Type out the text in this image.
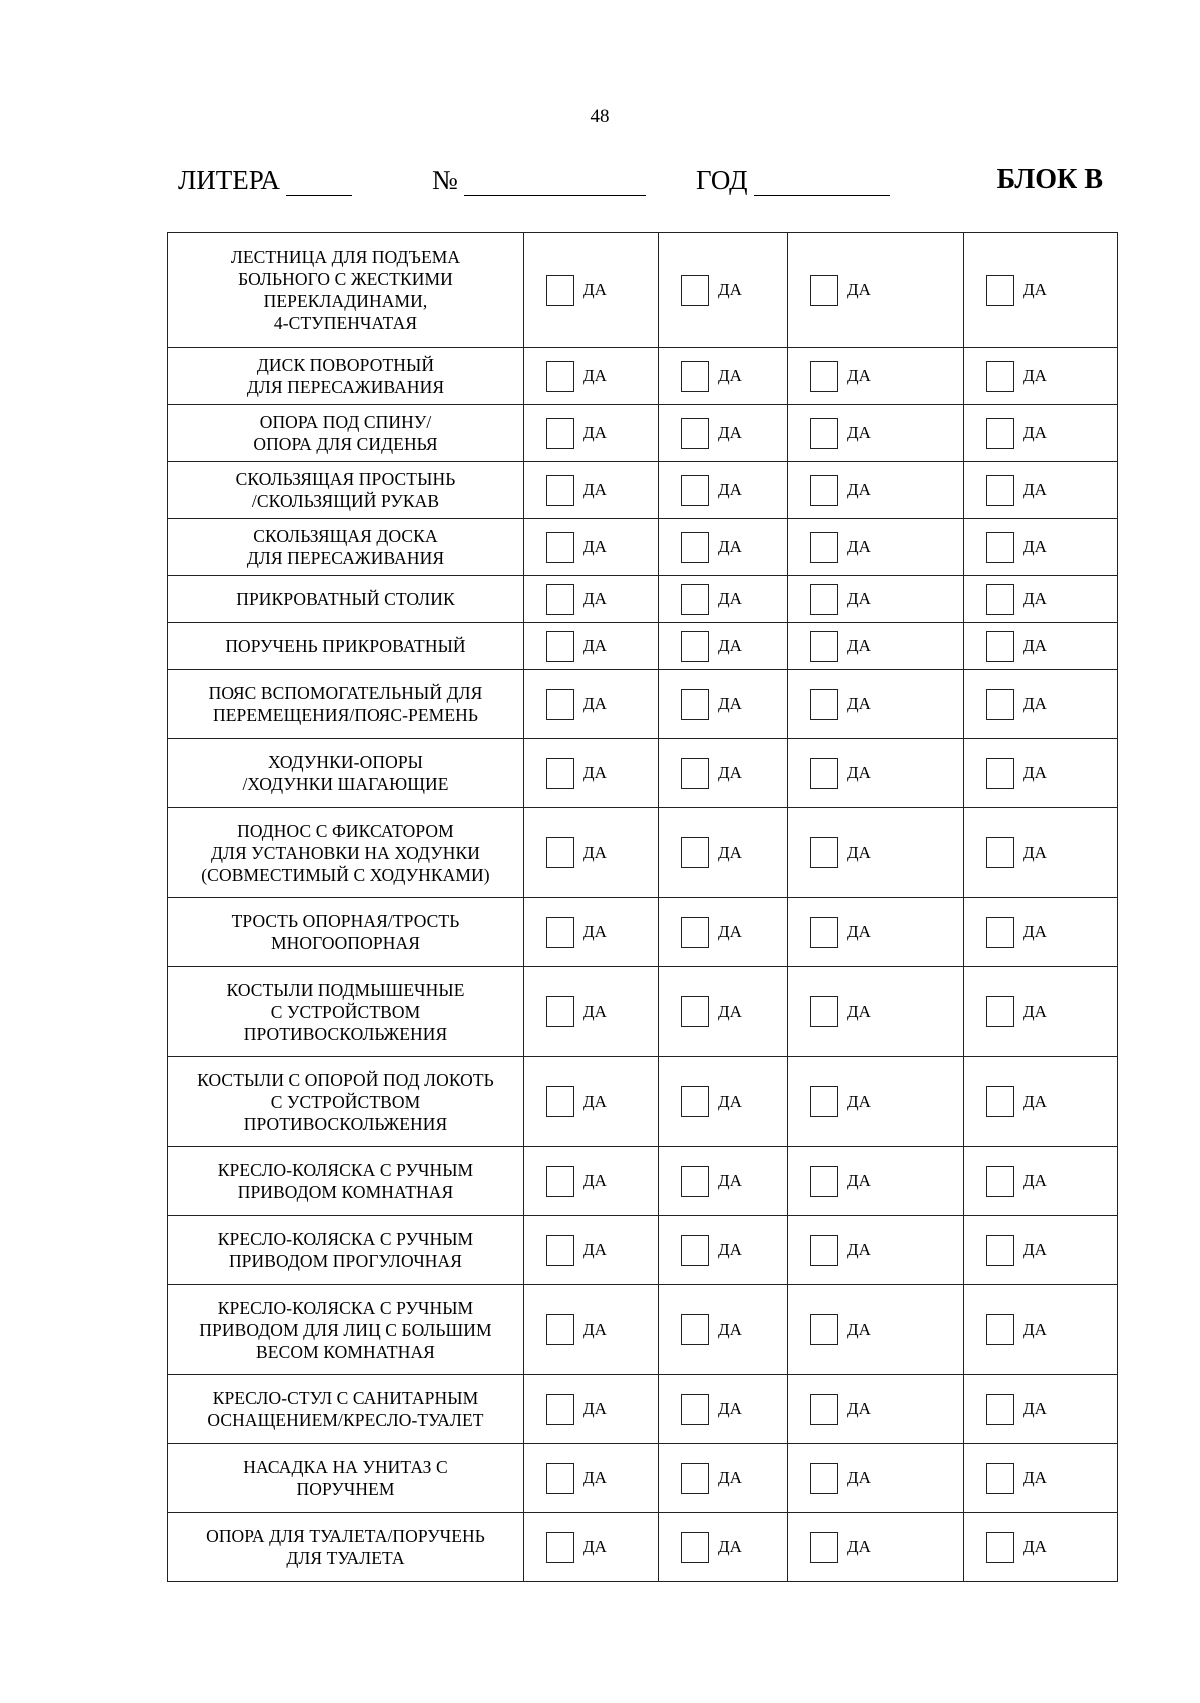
48
ЛИТЕРА	№	ГОД	БЛОК В
ЛЕСТНИЦА ДЛЯ ПОДЪЕМА
БОЛЬНОГО С ЖЕСТКИМИ
ПЕРЕКЛАДИНАМИ,
4-СТУПЕНЧАТАЯ	ДА	ДА	ДА	ДА

ДИСК ПОВОРОТНЫЙ
ДЛЯ ПЕРЕСАЖИВАНИЯ	ДА	ДА	ДА	ДА

ОПОРА ПОД СПИНУ/
ОПОРА ДЛЯ СИДЕНЬЯ	ДА	ДА	ДА	ДА

СКОЛЬЗЯЩАЯ ПРОСТЫНЬ
/СКОЛЬЗЯЩИЙ РУКАВ	ДА	ДА	ДА	ДА

СКОЛЬЗЯЩАЯ ДОСКА
ДЛЯ ПЕРЕСАЖИВАНИЯ	ДА	ДА	ДА	ДА

ПРИКРОВАТНЫЙ СТОЛИК	ДА	ДА	ДА	ДА

ПОРУЧЕНЬ ПРИКРОВАТНЫЙ	ДА	ДА	ДА	ДА

ПОЯС ВСПОМОГАТЕЛЬНЫЙ ДЛЯ
ПЕРЕМЕЩЕНИЯ/ПОЯС-РЕМЕНЬ	ДА	ДА	ДА	ДА

ХОДУНКИ-ОПОРЫ
/ХОДУНКИ ШАГАЮЩИЕ	ДА	ДА	ДА	ДА

ПОДНОС С ФИКСАТОРОМ
ДЛЯ УСТАНОВКИ НА ХОДУНКИ
(СОВМЕСТИМЫЙ С ХОДУНКАМИ)	ДА	ДА	ДА	ДА

ТРОСТЬ ОПОРНАЯ/ТРОСТЬ
МНОГООПОРНАЯ	ДА	ДА	ДА	ДА

КОСТЫЛИ ПОДМЫШЕЧНЫЕ
С УСТРОЙСТВОМ
ПРОТИВОСКОЛЬЖЕНИЯ	ДА	ДА	ДА	ДА

КОСТЫЛИ С ОПОРОЙ ПОД ЛОКОТЬ
С УСТРОЙСТВОМ
ПРОТИВОСКОЛЬЖЕНИЯ	ДА	ДА	ДА	ДА

КРЕСЛО-КОЛЯСКА С РУЧНЫМ
ПРИВОДОМ КОМНАТНАЯ	ДА	ДА	ДА	ДА

КРЕСЛО-КОЛЯСКА С РУЧНЫМ
ПРИВОДОМ ПРОГУЛОЧНАЯ	ДА	ДА	ДА	ДА

КРЕСЛО-КОЛЯСКА С РУЧНЫМ
ПРИВОДОМ ДЛЯ ЛИЦ С БОЛЬШИМ
ВЕСОМ КОМНАТНАЯ	ДА	ДА	ДА	ДА

КРЕСЛО-СТУЛ С САНИТАРНЫМ
ОСНАЩЕНИЕМ/КРЕСЛО-ТУАЛЕТ	ДА	ДА	ДА	ДА

НАСАДКА НА УНИТАЗ С
ПОРУЧНЕМ	ДА	ДА	ДА	ДА

ОПОРА ДЛЯ ТУАЛЕТА/ПОРУЧЕНЬ
ДЛЯ ТУАЛЕТА	ДА	ДА	ДА	ДА
